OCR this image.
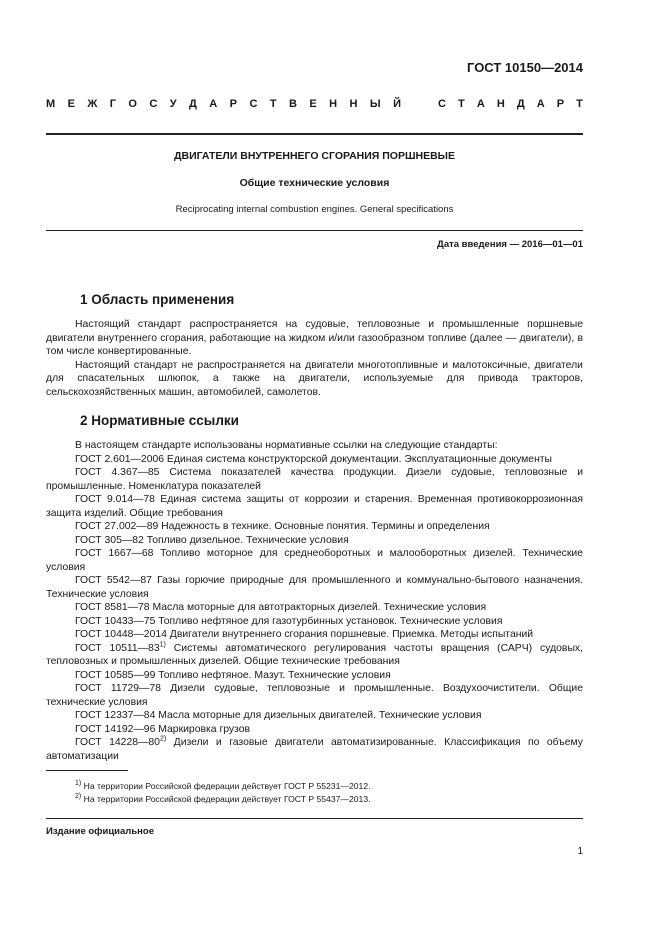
ГОСТ 10150—2014
М Е Ж Г О С У Д А Р С Т В Е Н Н Ы Й	С Т А Н Д А Р Т
ДВИГАТЕЛИ ВНУТРЕННЕГО СГОРАНИЯ ПОРШНЕВЫЕ
Общие технические условия
Reciprocating internal combustion engines. General specifications
Дата введения — 2016—01—01
1 Область применения

Настоящий стандарт распространяется на судовые, тепловозные и промышленные поршневые двигатели внутреннего сгорания, работающие на жидком и/или газообразном топливе (далее — двигатели), в том числе конвертированные.

Настоящий стандарт не распространяется на двигатели многотопливные и малотоксичные, двигатели для спасательных шлюпок, а также на двигатели, используемые для привода тракторов, сельскохозяйственных машин, автомобилей, самолетов.

2 Нормативные ссылки

В настоящем стандарте использованы нормативные ссылки на следующие стандарты:

ГОСТ 2.601—2006 Единая система конструкторской документации. Эксплуатационные документы

ГОСТ 4.367—85 Система показателей качества продукции. Дизели судовые, тепловозные и промышленные. Номенклатура показателей

ГОСТ 9.014—78 Единая система защиты от коррозии и старения. Временная противокоррозионная защита изделий. Общие требования

ГОСТ 27.002—89 Надежность в технике. Основные понятия. Термины и определения

ГОСТ 305—82 Топливо дизельное. Технические условия

ГОСТ 1667—68 Топливо моторное для среднеоборотных и малооборотных дизелей. Технические условия

ГОСТ 5542—87 Газы горючие природные для промышленного и коммунально-бытового назначения. Технические условия

ГОСТ 8581—78 Масла моторные для автотракторных дизелей. Технические условия

ГОСТ 10433—75 Топливо нефтяное для газотурбинных установок. Технические условия

ГОСТ 10448—2014 Двигатели внутреннего сгорания поршневые. Приемка. Методы испытаний

ГОСТ 10511—83$^{1)}$ Системы автоматического регулирования частоты вращения (САРЧ) судовых, тепловозных и промышленных дизелей. Общие технические требования

ГОСТ 10585—99 Топливо нефтяное. Мазут. Технические условия

ГОСТ 11729—78 Дизели судовые, тепловозные и промышленные. Воздухоочистители. Общие технические условия

ГОСТ 12337—84 Масла моторные для дизельных двигателей. Технические условия

ГОСТ 14192—96 Маркировка грузов

ГОСТ 14228—80$^{2)}$ Дизели и газовые двигатели автоматизированные. Классификация по объему автоматизации

$^{1)}$ На территории Российской федерации действует ГОСТ Р 55231—2012.
$^{2)}$ На территории Российской федерации действует ГОСТ Р 55437—2013.
Издание официальное
1
